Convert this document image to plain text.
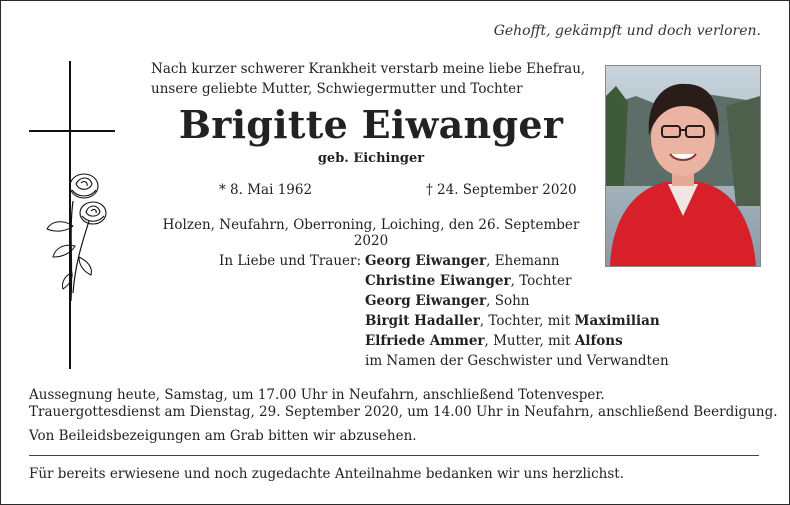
Gehofft, gekämpft und doch verloren.
Nach kurzer schwerer Krankheit verstarb meine liebe Ehefrau,
unsere geliebte Mutter, Schwiegermutter und Tochter
Brigitte Eiwanger
geb. Eichinger
* 8. Mai 1962	† 24. September 2020
Holzen, Neufahrn, Oberroning, Loiching, den 26. September 2020
In Liebe und Trauer: Georg Eiwanger, Ehemann
Christine Eiwanger, Tochter
Georg Eiwanger, Sohn
Birgit Hadaller, Tochter, mit Maximilian
Elfriede Ammer, Mutter, mit Alfons
im Namen der Geschwister und Verwandten
Aussegnung heute, Samstag, um 17.00 Uhr in Neufahrn, anschließend Totenvesper.
Trauergottesdienst am Dienstag, 29. September 2020, um 14.00 Uhr in Neufahrn, anschließend Beerdigung.
Von Beileidsbezeigungen am Grab bitten wir abzusehen.
Für bereits erwiesene und noch zugedachte Anteilnahme bedanken wir uns herzlichst.
